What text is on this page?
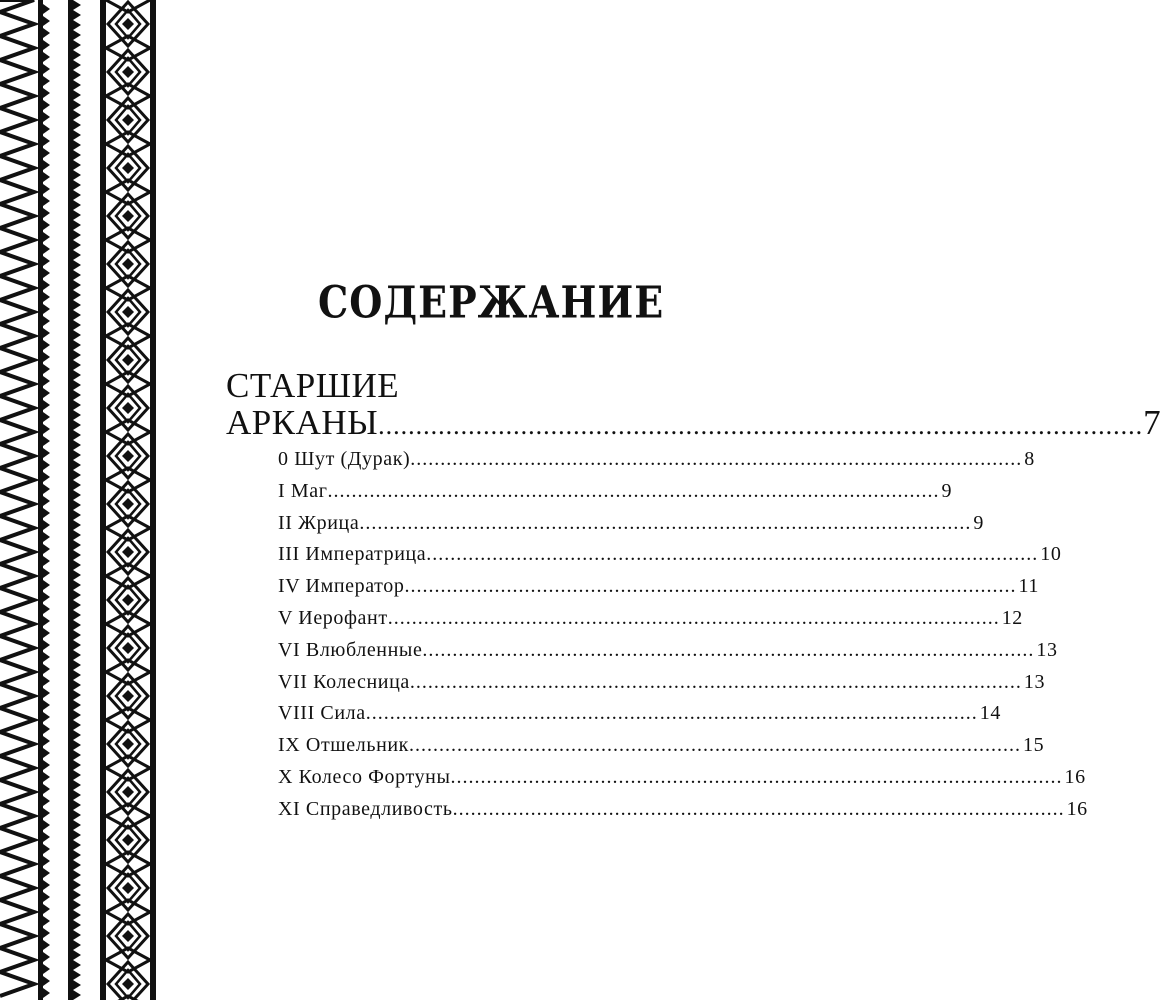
СОДЕРЖАНИЕ
СТАРШИЕ
АРКАНЫ ...................................................................................................... 7
0 Шут (Дурак) ...................................................................................................... 8
I Маг ...................................................................................................... 9
II Жрица ...................................................................................................... 9
III Императрица ...................................................................................................... 10
IV Император ...................................................................................................... 11
V Иерофант ...................................................................................................... 12
VI Влюбленные ...................................................................................................... 13
VII Колесница ...................................................................................................... 13
VIII Сила ...................................................................................................... 14
IX Отшельник ...................................................................................................... 15
X Колесо Фортуны ...................................................................................................... 16
XI Справедливость ...................................................................................................... 16
